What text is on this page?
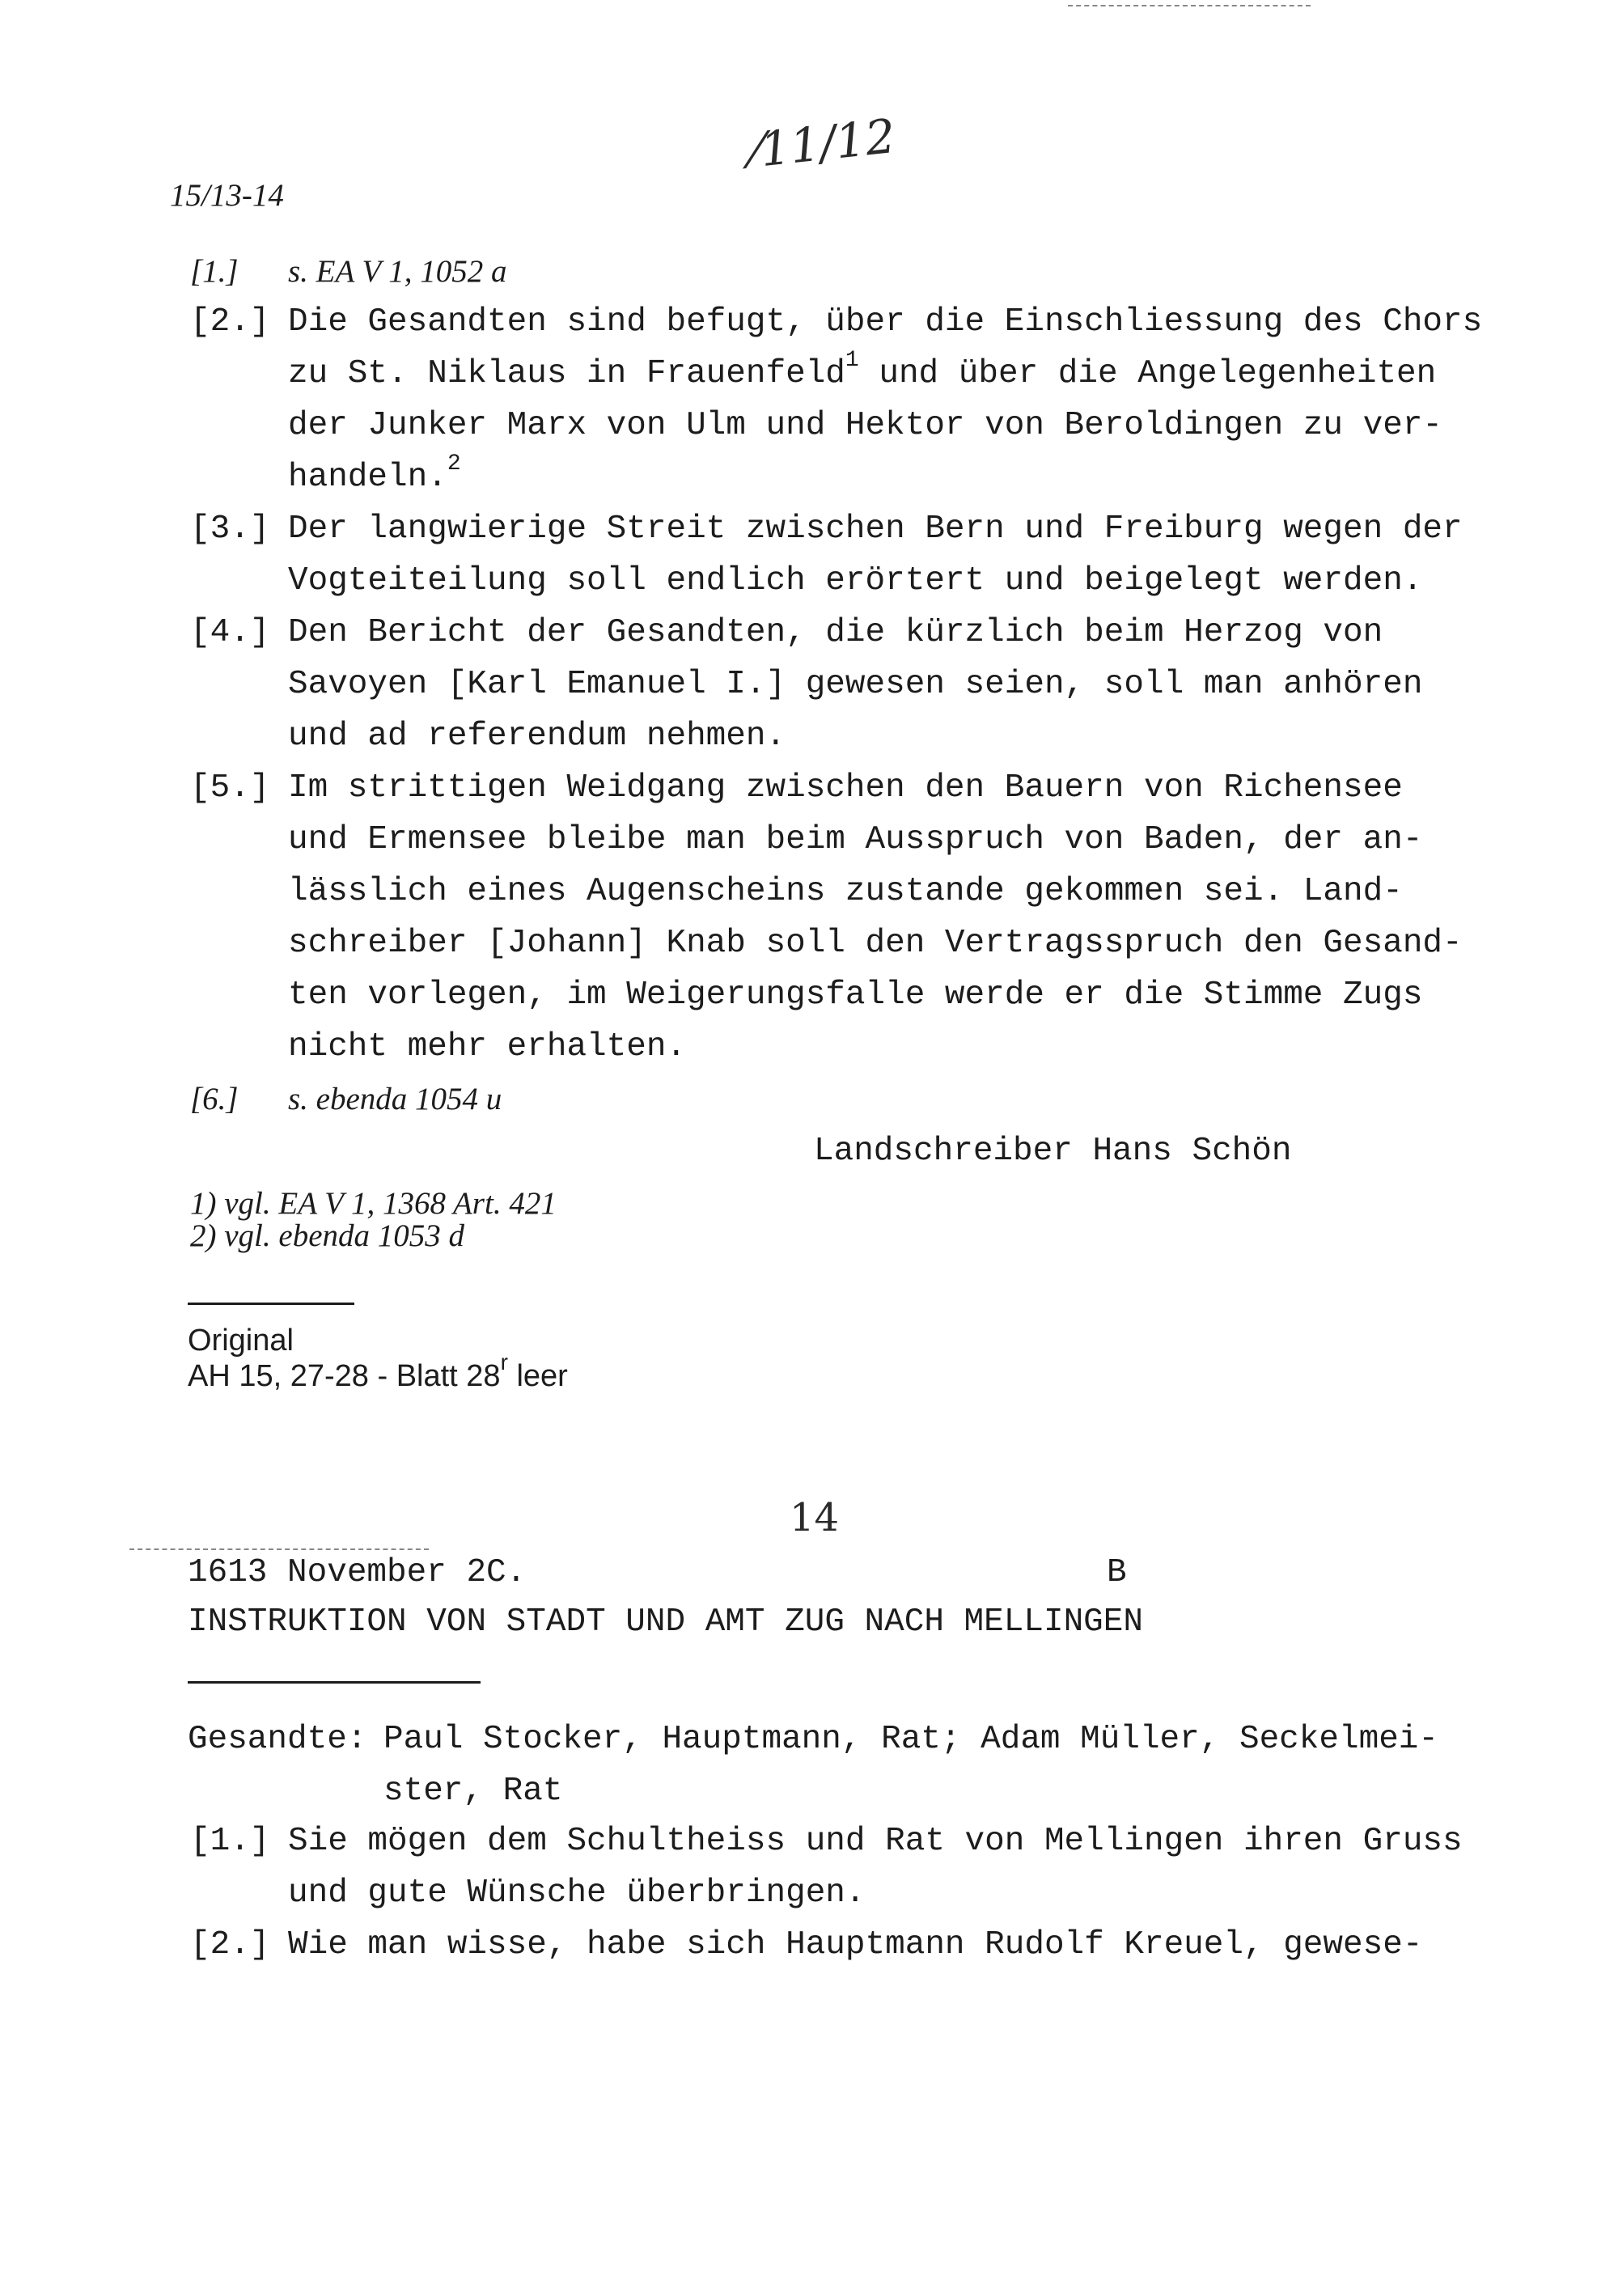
15/13-14
⁄11/12
[1.] s. EA V 1, 1052 a
[2.] Die Gesandten sind befugt, über die Einschliessung des Chors
zu St. Niklaus in Frauenfeld$^1$ und über die Angelegenheiten
der Junker Marx von Ulm und Hektor von Beroldingen zu ver-
handeln.$^2$
[3.] Der langwierige Streit zwischen Bern und Freiburg wegen der
Vogteiteilung soll endlich erörtert und beigelegt werden.
[4.] Den Bericht der Gesandten, die kürzlich beim Herzog von
Savoyen [Karl Emanuel I.] gewesen seien, soll man anhören
und ad referendum nehmen.
[5.] Im strittigen Weidgang zwischen den Bauern von Richensee
und Ermensee bleibe man beim Ausspruch von Baden, der an-
lässlich eines Augenscheins zustande gekommen sei. Land-
schreiber [Johann] Knab soll den Vertragsspruch den Gesand-
ten vorlegen, im Weigerungsfalle werde er die Stimme Zugs
nicht mehr erhalten.
[6.] s. ebenda 1054 u
Landschreiber Hans Schön
1) vgl. EA V 1, 1368 Art. 421
2) vgl. ebenda 1053 d
Original
AH 15, 27-28 - Blatt 28$^r$ leer
14
1613 November 2C.	B
INSTRUKTION VON STADT UND AMT ZUG NACH MELLINGEN
Gesandte: Paul Stocker, Hauptmann, Rat; Adam Müller, Seckelmei-
ster, Rat
[1.] Sie mögen dem Schultheiss und Rat von Mellingen ihren Gruss
und gute Wünsche überbringen.
[2.] Wie man wisse, habe sich Hauptmann Rudolf Kreuel, gewese-
